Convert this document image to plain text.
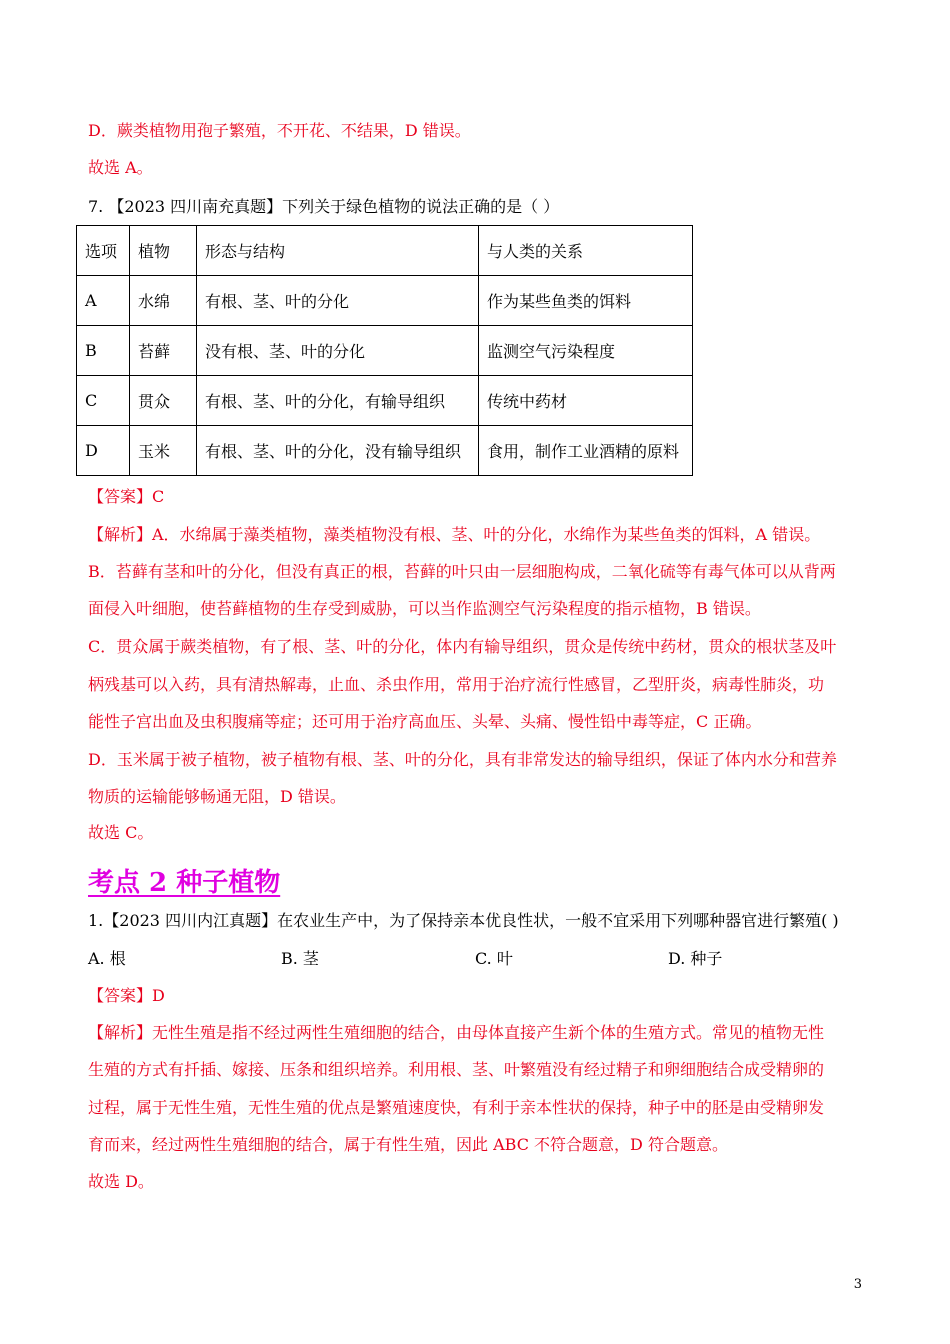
D．蕨类植物用孢子繁殖，不开花、不结果，D 错误。
故选 A。
7. 【2023 四川南充真题】下列关于绿色植物的说法正确的是（ ）
选项	植物	形态与结构	与人类的关系
A	水绵	有根、茎、叶的分化	作为某些鱼类的饵料
B	苔藓	没有根、茎、叶的分化	监测空气污染程度
C	贯众	有根、茎、叶的分化，有输导组织	传统中药材
D	玉米	有根、茎、叶的分化，没有输导组织	食用，制作工业酒精的原料
【答案】C
【解析】A．水绵属于藻类植物，藻类植物没有根、茎、叶的分化，水绵作为某些鱼类的饵料，A 错误。
B．苔藓有茎和叶的分化，但没有真正的根，苔藓的叶只由一层细胞构成，二氧化硫等有毒气体可以从背两
面侵入叶细胞，使苔藓植物的生存受到威胁，可以当作监测空气污染程度的指示植物，B 错误。
C．贯众属于蕨类植物，有了根、茎、叶的分化，体内有输导组织，贯众是传统中药材，贯众的根状茎及叶
柄残基可以入药，具有清热解毒，止血、杀虫作用，常用于治疗流行性感冒，乙型肝炎，病毒性肺炎，功
能性子宫出血及虫积腹痛等症；还可用于治疗高血压、头晕、头痛、慢性铅中毒等症，C 正确。
D．玉米属于被子植物，被子植物有根、茎、叶的分化，具有非常发达的输导组织，保证了体内水分和营养
物质的运输能够畅通无阻，D 错误。
故选 C。
考点 2 种子植物
1.【2023 四川内江真题】在农业生产中，为了保持亲本优良性状，一般不宜采用下列哪种器官进行繁殖( )
A. 根	B. 茎	C. 叶	D. 种子
【答案】D
【解析】无性生殖是指不经过两性生殖细胞的结合，由母体直接产生新个体的生殖方式。常见的植物无性
生殖的方式有扦插、嫁接、压条和组织培养。利用根、茎、叶繁殖没有经过精子和卵细胞结合成受精卵的
过程，属于无性生殖，无性生殖的优点是繁殖速度快，有利于亲本性状的保持，种子中的胚是由受精卵发
育而来，经过两性生殖细胞的结合，属于有性生殖，因此 ABC 不符合题意，D 符合题意。
故选 D。
3
